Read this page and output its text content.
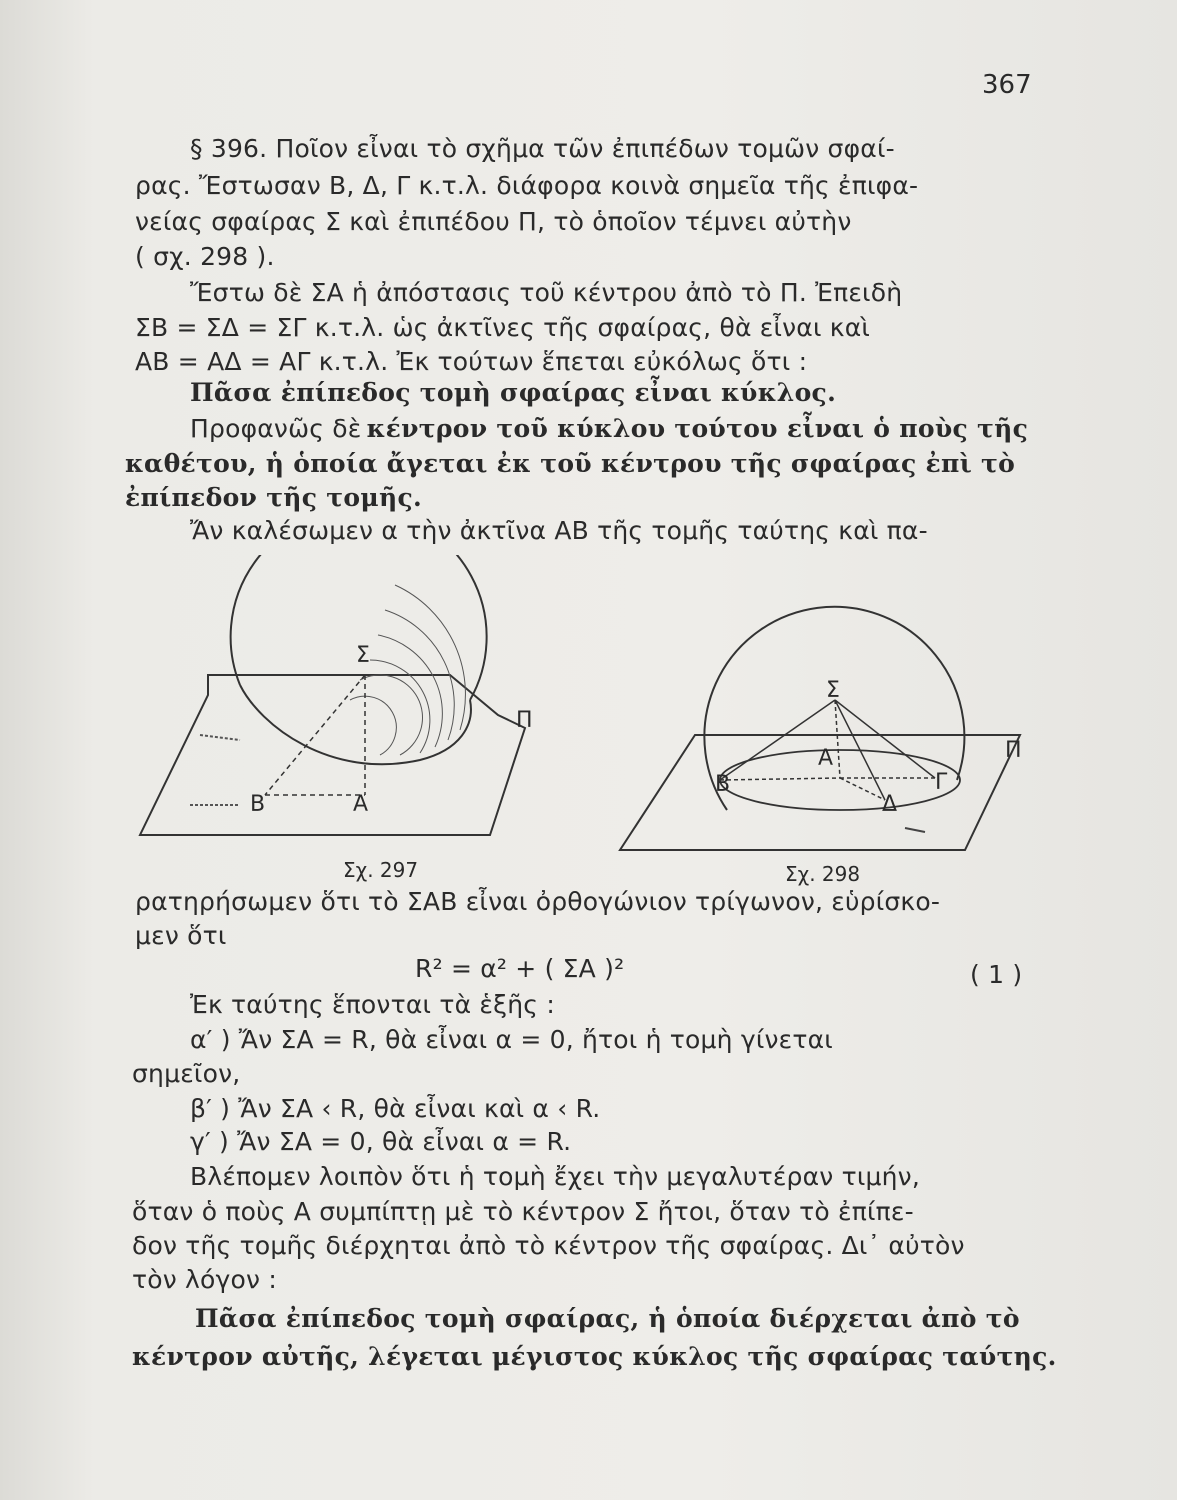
367
§ 396. Ποῖον εἶναι τὸ σχῆμα τῶν ἐπιπέδων τομῶν σφαί-
ρας. Ἔστωσαν Β, Δ, Γ κ.τ.λ. διάφορα κοινὰ σημεῖα τῆς ἐπιφα-
νείας σφαίρας Σ καὶ ἐπιπέδου Π, τὸ ὁποῖον τέμνει αὐτὴν
( σχ. 298 ).
Ἔστω δὲ ΣΑ ἡ ἀπόστασις τοῦ κέντρου ἀπὸ τὸ Π. Ἐπειδὴ
ΣΒ = ΣΔ = ΣΓ κ.τ.λ. ὡς ἀκτῖνες τῆς σφαίρας, θὰ εἶναι καὶ
ΑΒ = ΑΔ = ΑΓ κ.τ.λ. Ἐκ τούτων ἕπεται εὐκόλως ὅτι :
Πᾶσα ἐπίπεδος τομὴ σφαίρας εἶναι κύκλος.
Προφανῶς δὲ κέντρον τοῦ κύκλου τούτου εἶναι ὁ ποὺς τῆς
καθέτου, ἡ ὁποία ἄγεται ἐκ τοῦ κέντρου τῆς σφαίρας ἐπὶ τὸ
ἐπίπεδον τῆς τομῆς.
Ἄν καλέσωμεν α τὴν ἀκτῖνα ΑΒ τῆς τομῆς ταύτης καὶ πα-
Σ
Π
Β	Α
Σχ. 297
Σ
Π
Β
Α
Γ
Δ
Σχ. 298
ρατηρήσωμεν ὅτι τὸ ΣΑΒ εἶναι ὀρθογώνιον τρίγωνον, εὑρίσκο-
μεν ὅτι
R² = α² + ( ΣΑ )²	( 1 )
Ἐκ ταύτης ἕπονται τὰ ἑξῆς :
α′ ) Ἄν ΣΑ = R, θὰ εἶναι α = 0, ἤτοι ἡ τομὴ γίνεται
σημεῖον,
β′ ) Ἄν ΣΑ ‹ R, θὰ εἶναι καὶ α ‹ R.
γ′ ) Ἄν ΣΑ = 0, θὰ εἶναι α = R.
Βλέπομεν λοιπὸν ὅτι ἡ τομὴ ἔχει τὴν μεγαλυτέραν τιμήν,
ὅταν ὁ ποὺς Α συμπίπτῃ μὲ τὸ κέντρον Σ ἤτοι, ὅταν τὸ ἐπίπε-
δον τῆς τομῆς διέρχηται ἀπὸ τὸ κέντρον τῆς σφαίρας. Δι᾽ αὐτὸν
τὸν λόγον :
Πᾶσα ἐπίπεδος τομὴ σφαίρας, ἡ ὁποία διέρχεται ἀπὸ τὸ
κέντρον αὐτῆς, λέγεται μέγιστος κύκλος τῆς σφαίρας ταύτης.
